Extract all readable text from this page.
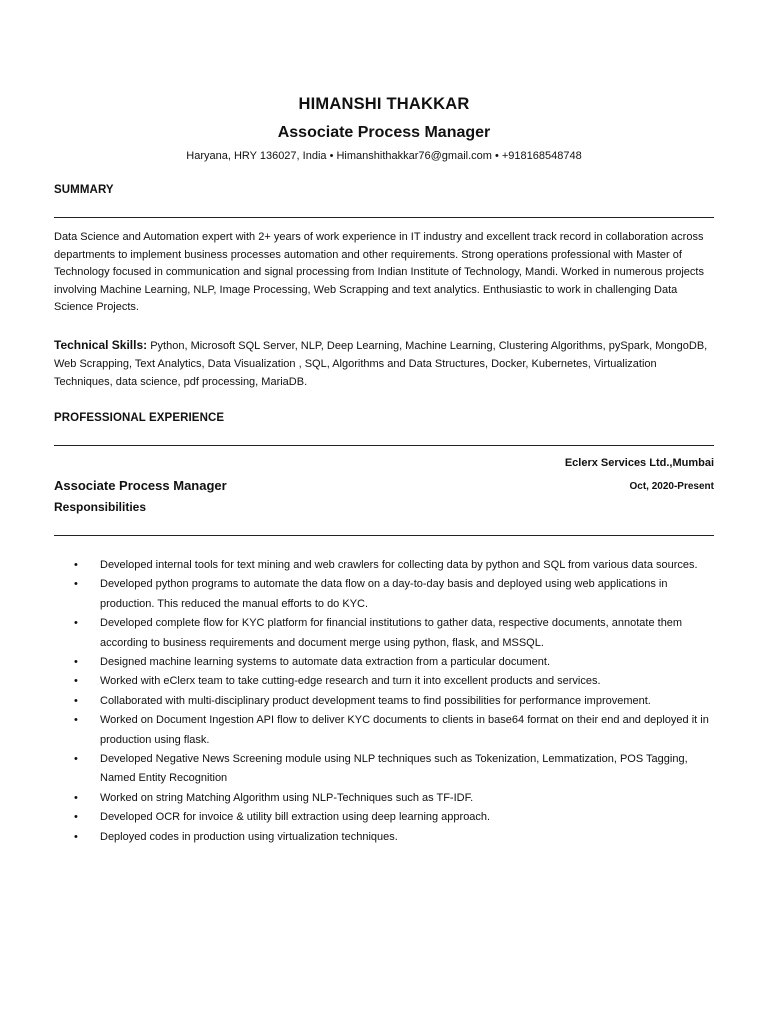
HIMANSHI THAKKAR
Associate Process Manager
Haryana, HRY 136027, India • Himanshithakkar76@gmail.com • +918168548748
SUMMARY
Data Science and Automation expert with 2+ years of work experience in IT industry and excellent track record in collaboration across departments to implement business processes automation and other requirements. Strong operations professional with Master of Technology focused in communication and signal processing from Indian Institute of Technology, Mandi. Worked in numerous projects involving Machine Learning, NLP, Image Processing, Web Scrapping and text analytics. Enthusiastic to work in challenging Data Science Projects.
Technical Skills: Python, Microsoft SQL Server, NLP, Deep Learning, Machine Learning, Clustering Algorithms, pySpark, MongoDB, Web Scrapping, Text Analytics, Data Visualization , SQL, Algorithms and Data Structures, Docker, Kubernetes, Virtualization Techniques, data science, pdf processing, MariaDB.
PROFESSIONAL EXPERIENCE
Eclerx Services Ltd.,Mumbai
Associate Process Manager	Oct, 2020-Present
Responsibilities
• Developed internal tools for text mining and web crawlers for collecting data by python and SQL from various data sources.
• Developed python programs to automate the data flow on a day-to-day basis and deployed using web applications in production. This reduced the manual efforts to do KYC.
• Developed complete flow for KYC platform for financial institutions to gather data, respective documents, annotate them according to business requirements and document merge using python, flask, and MSSQL.
• Designed machine learning systems to automate data extraction from a particular document.
• Worked with eClerx team to take cutting-edge research and turn it into excellent products and services.
• Collaborated with multi-disciplinary product development teams to find possibilities for performance improvement.
• Worked on Document Ingestion API flow to deliver KYC documents to clients in base64 format on their end and deployed it in production using flask.
• Developed Negative News Screening module using NLP techniques such as Tokenization, Lemmatization, POS Tagging, Named Entity Recognition
• Worked on string Matching Algorithm using NLP-Techniques such as TF-IDF.
• Developed OCR for invoice & utility bill extraction using deep learning approach.
• Deployed codes in production using virtualization techniques.
